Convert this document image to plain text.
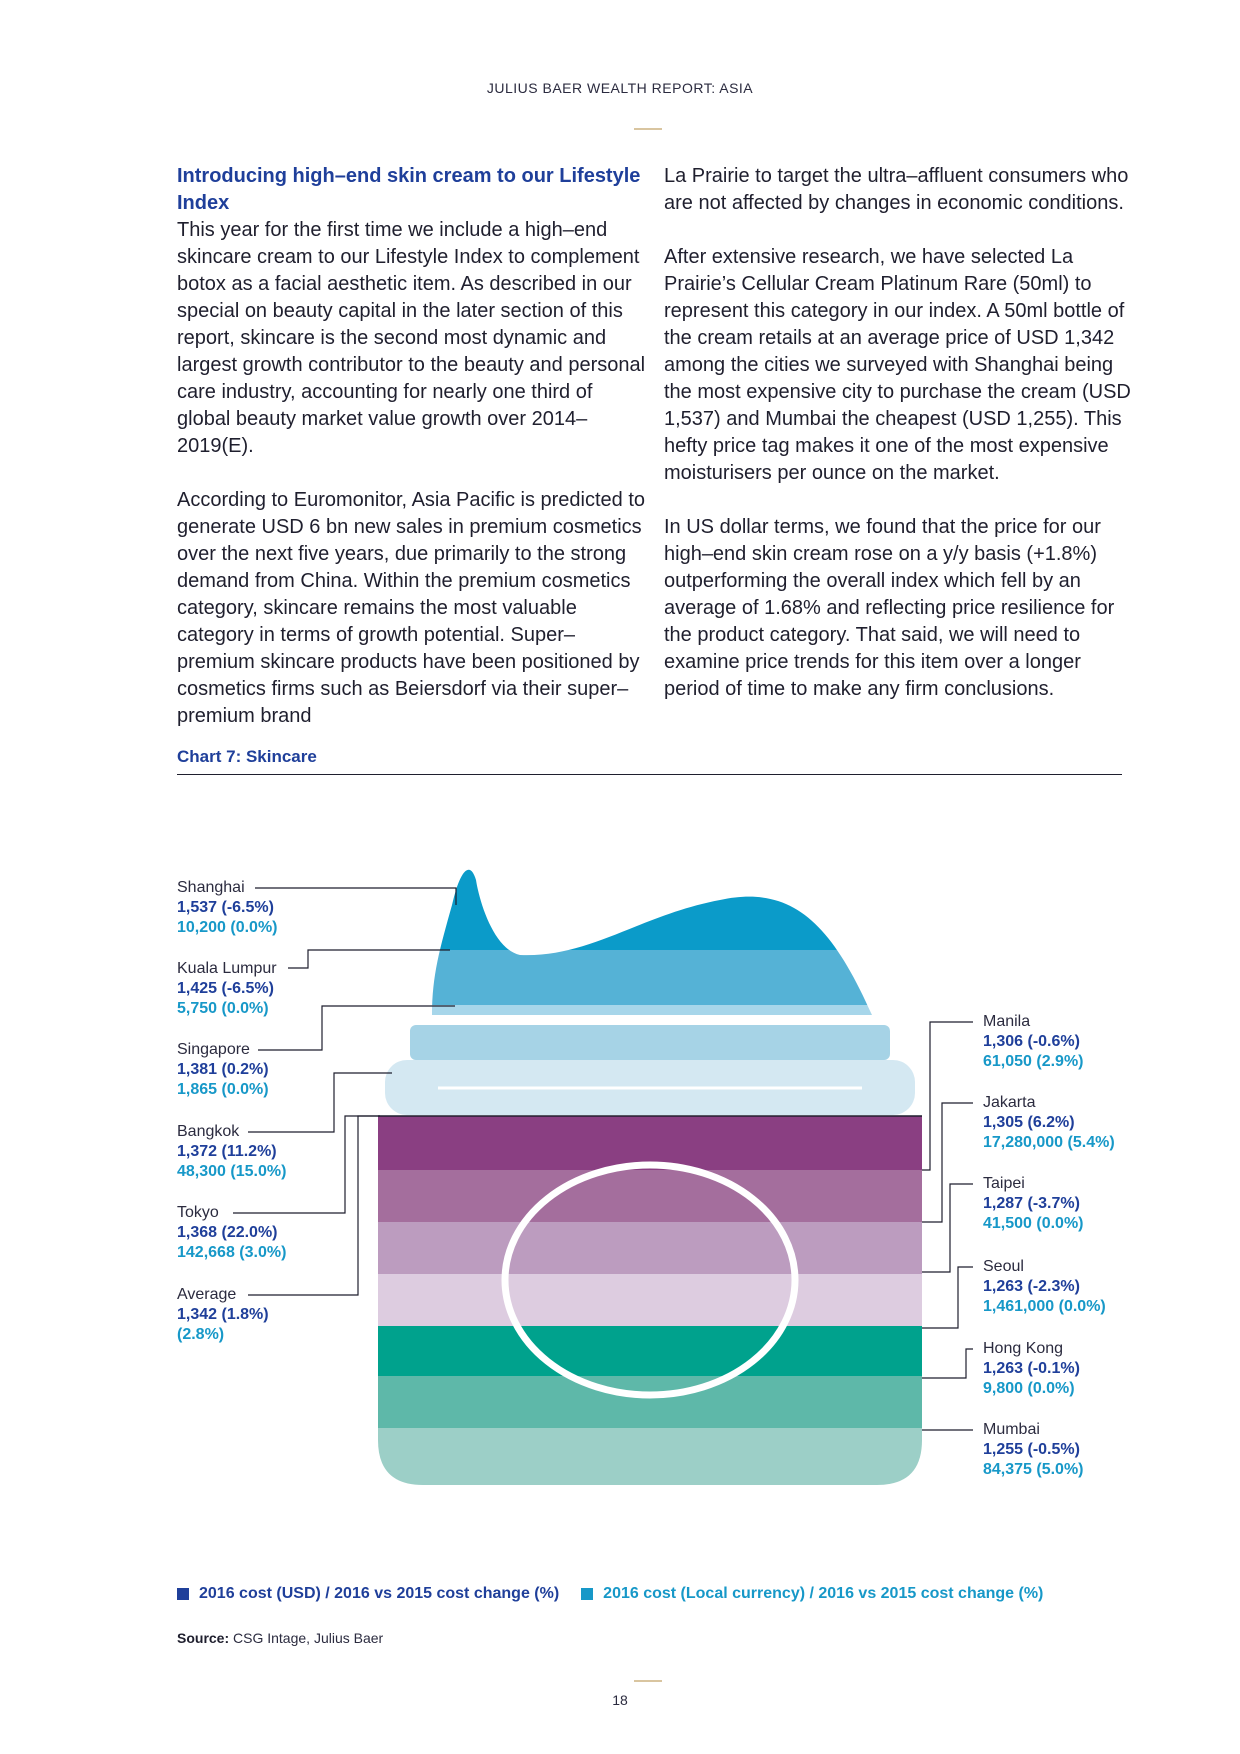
JULIUS BAER WEALTH REPORT: ASIA
Introducing high–end skin cream to our Lifestyle Index

This year for the first time we include a high–end skincare cream to our Lifestyle Index to complement botox as a facial aesthetic item. As described in our special on beauty capital in the later section of this report, skincare is the second most dynamic and largest growth contributor to the beauty and personal care industry, accounting for nearly one third of global beauty market value growth over 2014–2019(E).

According to Euromonitor, Asia Pacific is predicted to generate USD 6 bn new sales in premium cosmetics over the next five years, due primarily to the strong demand from China. Within the premium cosmetics category, skincare remains the most valuable category in terms of growth potential. Super–premium skincare products have been positioned by cosmetics firms such as Beiersdorf via their super–premium brand

La Prairie to target the ultra–affluent consumers who are not affected by changes in economic conditions.

After extensive research, we have selected La Prairie’s Cellular Cream Platinum Rare (50ml) to represent this category in our index. A 50ml bottle of the cream retails at an average price of USD 1,342 among the cities we surveyed with Shanghai being the most expensive city to purchase the cream (USD 1,537) and Mumbai the cheapest (USD 1,255). This hefty price tag makes it one of the most expensive moisturisers per ounce on the market.

In US dollar terms, we found that the price for our high–end skin cream rose on a y/y basis (+1.8%) outperforming the overall index which fell by an average of 1.68% and reflecting price resilience for the product category. That said, we will need to examine price trends for this item over a longer period of time to make any firm conclusions.

Chart 7: Skincare
Shanghai
1,537 (-6.5%)
10,200 (0.0%)
Kuala Lumpur
1,425 (-6.5%)
5,750 (0.0%)
Singapore
1,381 (0.2%)
1,865 (0.0%)
Bangkok
1,372 (11.2%)
48,300 (15.0%)
Tokyo
1,368 (22.0%)
142,668 (3.0%)
Average
1,342 (1.8%)
(2.8%)
Manila
1,306 (-0.6%)
61,050 (2.9%)
Jakarta
1,305 (6.2%)
17,280,000 (5.4%)
Taipei
1,287 (-3.7%)
41,500 (0.0%)
Seoul
1,263 (-2.3%)
1,461,000 (0.0%)
Hong Kong
1,263 (-0.1%)
9,800 (0.0%)
Mumbai
1,255 (-0.5%)
84,375 (5.0%)
2016 cost (USD) / 2016 vs 2015 cost change (%)	2016 cost (Local currency) / 2016 vs 2015 cost change (%)
Source: CSG Intage, Julius Baer
18
